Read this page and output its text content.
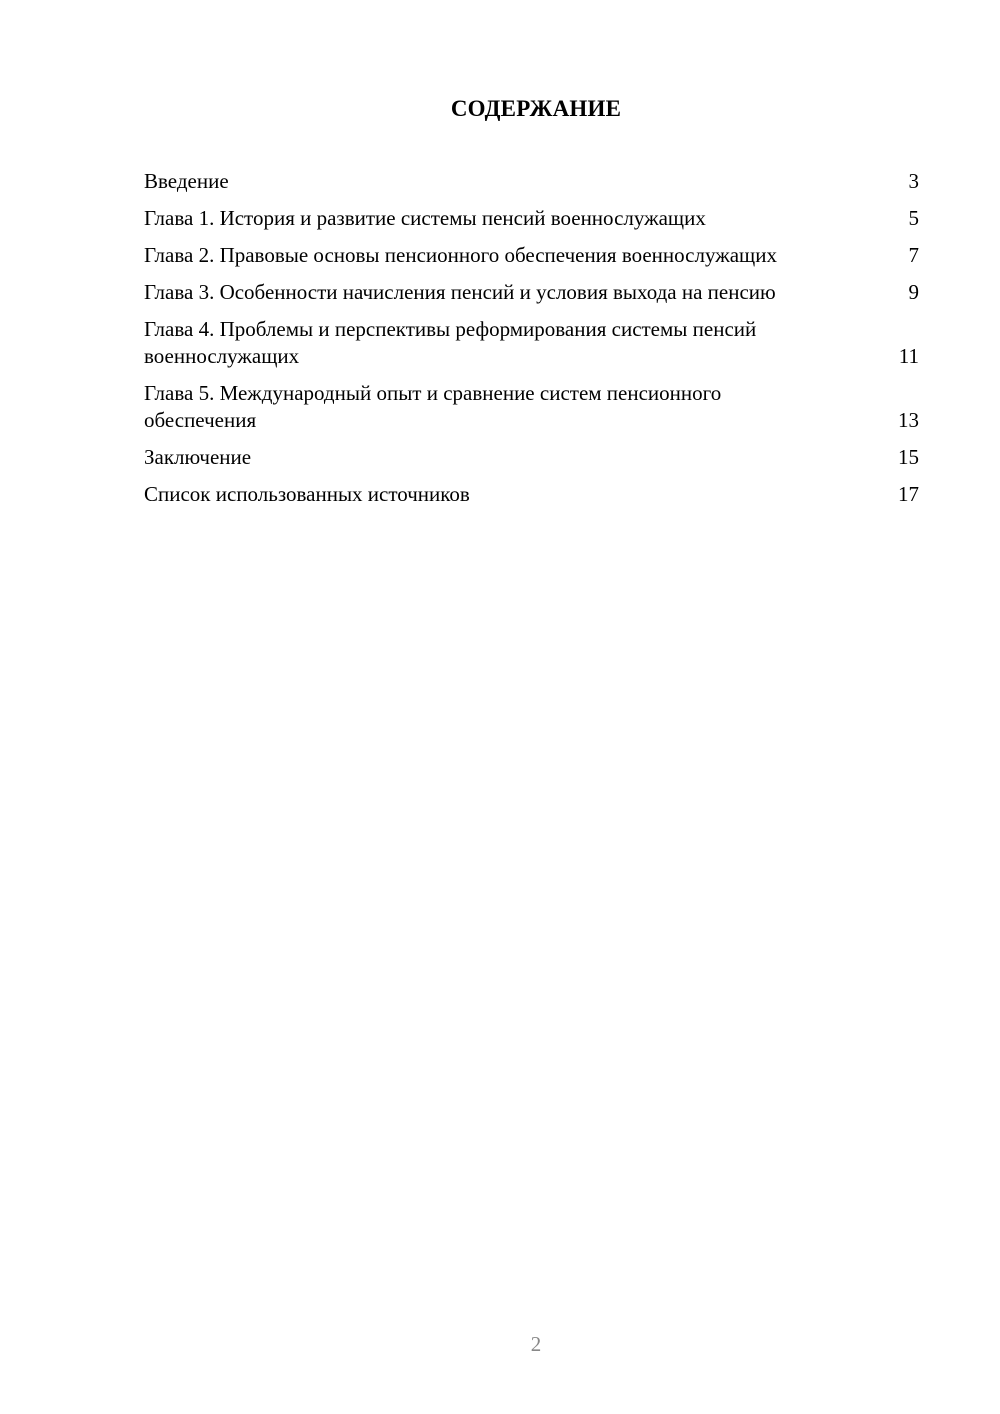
СОДЕРЖАНИЕ
Введение	3
Глава 1. История и развитие системы пенсий военнослужащих	5
Глава 2. Правовые основы пенсионного обеспечения военнослужащих	7
Глава 3. Особенности начисления пенсий и условия выхода на пенсию	9
Глава 4. Проблемы и перспективы реформирования системы пенсий военнослужащих	11
Глава 5. Международный опыт и сравнение систем пенсионного обеспечения	13
Заключение	15
Список использованных источников	17
2
